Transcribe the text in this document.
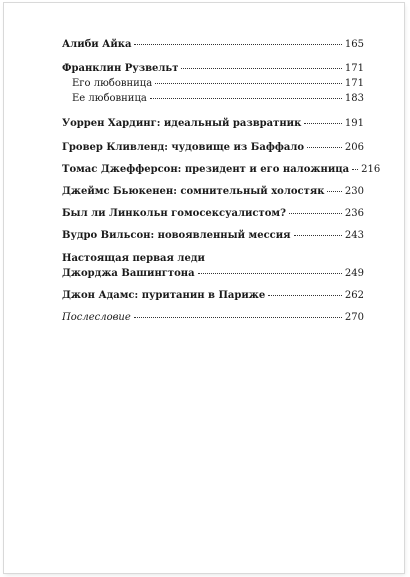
Алиби Айка	165
Франклин Рузвельт	171
Его любовница	171
Ее любовница	183
Уоррен Хардинг: идеальный развратник	191
Гровер Кливленд: чудовище из Баффало	206
Томас Джефферсон: президент и его наложница 216
Джеймс Бьюкенен: сомнительный холостяк 230
Был ли Линкольн гомосексуалистом?	236
Вудро Вильсон: новоявленный мессия	243
Настоящая первая леди
Джорджа Вашингтона	249
Джон Адамс: пуританин в Париже	262
Послесловие	270
